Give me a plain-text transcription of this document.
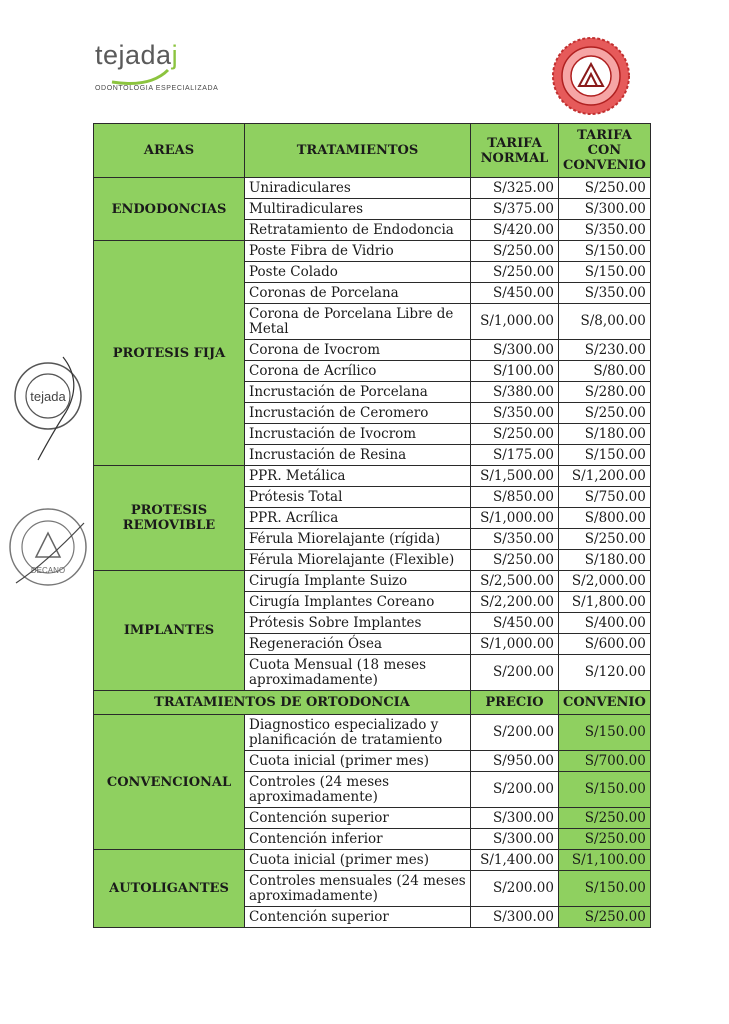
tejadaj
ODONTOLOGIA ESPECIALIZADA
tejada
DECANO
AREAS	TRATAMIENTOS	TARIFA NORMAL	TARIFA CON CONVENIO
ENDODONCIAS	Uniradiculares	S/325.00	S/250.00
	Multiradiculares	S/375.00	S/300.00
	Retratamiento de Endodoncia	S/420.00	S/350.00
PROTESIS FIJA	Poste Fibra de Vidrio	S/250.00	S/150.00
	Poste Colado	S/250.00	S/150.00
	Coronas de Porcelana	S/450.00	S/350.00
	Corona de Porcelana Libre de Metal	S/1,000.00	S/8,00.00
	Corona de Ivocrom	S/300.00	S/230.00
	Corona de Acrílico	S/100.00	S/80.00
	Incrustación de Porcelana	S/380.00	S/280.00
	Incrustación de Ceromero	S/350.00	S/250.00
	Incrustación de Ivocrom	S/250.00	S/180.00
	Incrustación de Resina	S/175.00	S/150.00
PROTESIS REMOVIBLE	PPR. Metálica	S/1,500.00	S/1,200.00
	Prótesis Total	S/850.00	S/750.00
	PPR. Acrílica	S/1,000.00	S/800.00
	Férula Miorelajante (rígida)	S/350.00	S/250.00
	Férula Miorelajante (Flexible)	S/250.00	S/180.00
IMPLANTES	Cirugía Implante Suizo	S/2,500.00	S/2,000.00
	Cirugía Implantes Coreano	S/2,200.00	S/1,800.00
	Prótesis Sobre Implantes	S/450.00	S/400.00
	Regeneración Ósea	S/1,000.00	S/600.00
	Cuota Mensual (18 meses aproximadamente)	S/200.00	S/120.00
TRATAMIENTOS DE ORTODONCIA		PRECIO	CONVENIO
CONVENCIONAL	Diagnostico especializado y planificación de tratamiento	S/200.00	S/150.00
	Cuota inicial (primer mes)	S/950.00	S/700.00
	Controles (24 meses aproximadamente)	S/200.00	S/150.00
	Contención superior	S/300.00	S/250.00
	Contención inferior	S/300.00	S/250.00
AUTOLIGANTES	Cuota inicial (primer mes)	S/1,400.00	S/1,100.00
	Controles mensuales (24 meses aproximadamente)	S/200.00	S/150.00
	Contención superior	S/300.00	S/250.00
